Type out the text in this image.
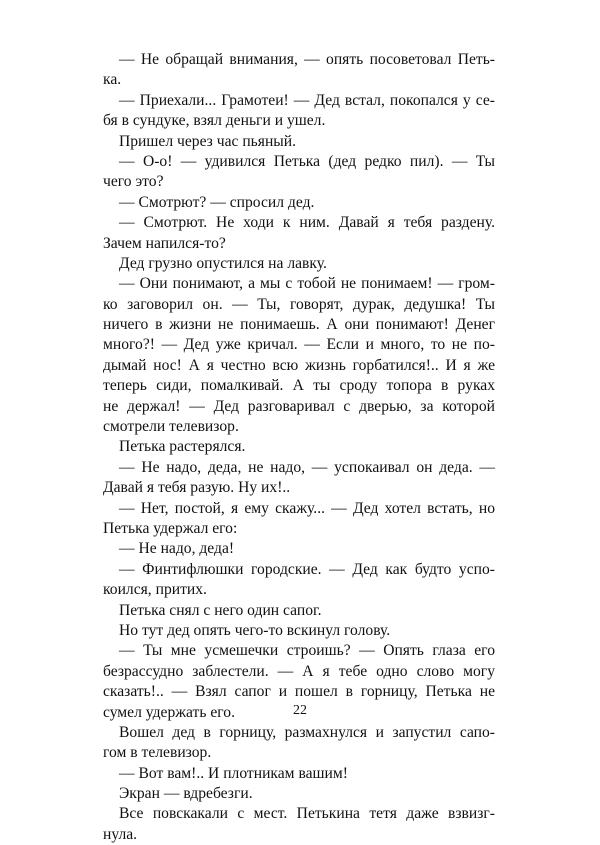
— Не обращай внимания, — опять посоветовал Петь-
ка.
— Приехали... Грамотеи! — Дед встал, покопался у се-
бя в сундуке, взял деньги и ушел.
Пришел через час пьяный.
— О-о! — удивился Петька (дед редко пил). — Ты
чего это?
— Смотрют? — спросил дед.
— Смотрют. Не ходи к ним. Давай я тебя раздену.
Зачем напился-то?
Дед грузно опустился на лавку.
— Они понимают, а мы с тобой не понимаем! — гром-
ко заговорил он. — Ты, говорят, дурак, дедушка! Ты
ничего в жизни не понимаешь. А они понимают! Денег
много?! — Дед уже кричал. — Если и много, то не по-
дымай нос! А я честно всю жизнь горбатился!.. И я же
теперь сиди, помалкивай. А ты сроду топора в руках
не держал! — Дед разговаривал с дверью, за которой
смотрели телевизор.
Петька растерялся.
— Не надо, деда, не надо, — успокаивал он деда. —
Давай я тебя разую. Ну их!..
— Нет, постой, я ему скажу... — Дед хотел встать, но
Петька удержал его:
— Не надо, деда!
— Финтифлюшки городские. — Дед как будто успо-
коился, притих.
Петька снял с него один сапог.
Но тут дед опять чего-то вскинул голову.
— Ты мне усмешечки строишь? — Опять глаза его
безрассудно заблестели. — А я тебе одно слово могу
сказать!.. — Взял сапог и пошел в горницу, Петька не
сумел удержать его.
Вошел дед в горницу, размахнулся и запустил сапо-
гом в телевизор.
— Вот вам!.. И плотникам вашим!
Экран — вдребезги.
Все повскакали с мест. Петькина тетя даже взвизг-
нула.
22
